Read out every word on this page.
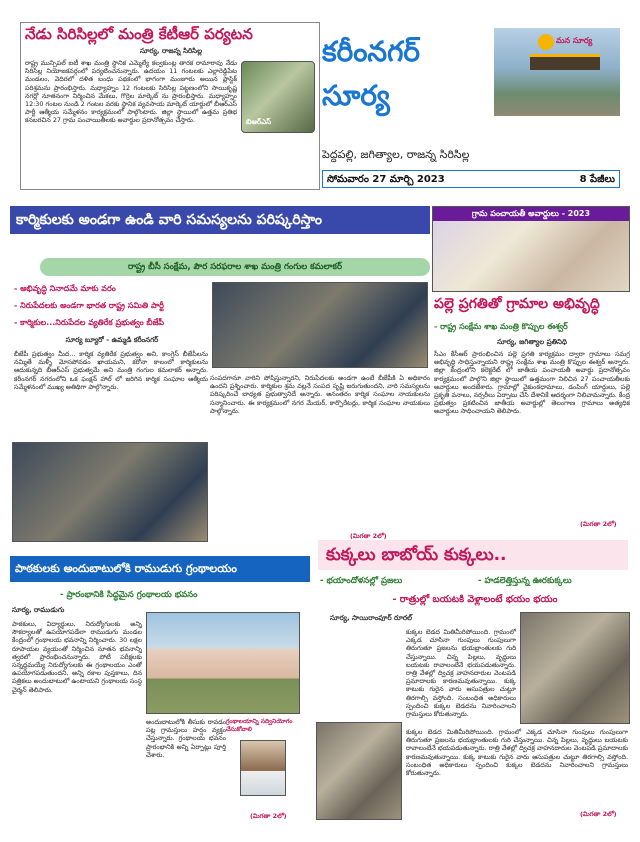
నేడు సిరిసిల్లలో మంత్రి కేటీఆర్ పర్యటన
సూర్య, రాజన్న సిరిసిల్ల
బిఆర్ఎస్
రాష్ట్ర మున్సిపల్ ఐటీ శాఖ మంత్రి స్థానిక ఎమ్మెల్యే కల్వకుంట్ల తారక రామారావు నేడు సిరిసిల్ల నియోజకవర్గంలో పర్యటించనున్నారు. ఉదయం 11 గంటలకు ఎల్లారెడ్డిపేట మండలం, వెదిరలో దళిత బంధు పథకంలో భాగంగా మంజూరు అయిన ప్లాస్టిక్ పరిశ్రమను ప్రారంభిస్తారు. మధ్యాహ్నం 12 గంటలకు సిరిసిల్ల పట్టణంలోని సాయికృష్ణ నగర్లో నూతనంగా నిర్మించిన మేకలు, గొర్రెల మార్కెట్ ను ప్రారంభిస్తారు. మధ్యాహ్నం 12:30 గంటల నుండి 2 గంటల వరకు స్థానిక వ్యవసాయ మార్కెట్ యార్డులో బీఆర్ఎస్ పార్టీ ఆత్మీయ సమ్మేళనం కార్యక్రమంలో పాల్గొంటారు. జిల్లా స్థాయిలో ఉత్తమ ప్రతిభ కనబరచిన 27 గ్రామ పంచాయితీలకు అవార్డుల ప్రదానోత్సవం చేస్తారు.
కరీంనగర్ సూర్య
మన సూర్య
పెద్దపల్లి, జగిత్యాల, రాజన్న సిరిసిల్ల
సోమవారం 27 మార్చి 2023	8 పేజీలు
కార్మికులకు అండగా ఉండి వారి సమస్యలను పరిష్కరిస్తాం
రాష్ట్ర బీసీ సంక్షేమ, పౌర సరఫరాల శాఖ మంత్రి గంగుల కమలాకర్
- అభివృద్ధి నినాదమే మాకు వరం
- నిరుపేదలకు అండగా భారత రాష్ట్ర సమితి పార్టీ
- కార్మికుల...నిరుపేదల వ్యతిరేక ప్రభుత్వం బీజేపీ
సూర్య బ్యూరో - ఉమ్మడి కరీంనగర్
బీజేపీ ప్రభుత్వం మీద... కార్మిక వ్యతిరేక ప్రభుత్వం అని, కాంగ్రెస్ బీజేపీలను నమ్మితే మళ్ళీ మోసపోవడం ఖాయమని, కరోనా కాలంలో కార్మికులను ఆదుకున్నది బీఆర్ఎస్ ప్రభుత్వమే అని మంత్రి గంగుల కమలాకర్ అన్నారు. కరీంనగర్ నగరంలోని ఒక ఫంక్షన్ హాల్ లో జరిగిన కార్మిక సంఘాల ఆత్మీయ సమ్మేళనంలో ముఖ్య అతిథిగా పాల్గొన్నారు.
సంపదగానూ వారిని పోషిస్తున్నారని, నిరుపేదలకు అండగా ఉంటే బీజేపీకి ఏ అధికారం ఉందని ప్రశ్నించారు. కార్మికుల శ్రమ వల్లనే సంపద సృష్టి జరుగుతుందని, వారి సమస్యలను పరిష్కరించే బాధ్యత ప్రభుత్వానిదే అన్నారు. అనంతరం కార్మిక సంఘాల నాయకులను సన్మానించారు. ఈ కార్యక్రమంలో నగర మేయర్, కార్పొరేటర్లు, కార్మిక సంఘాల నాయకులు పాల్గొన్నారు.
(మిగతా 2లో)
గ్రామ పంచాయతీ అవార్డులు - 2023
పల్లె ప్రగతితో గ్రామాల అభివృద్ధి
- రాష్ట్ర సంక్షేమ శాఖ మంత్రి కొప్పుల ఈశ్వర్
సూర్య, జగిత్యాల ప్రతినిధి
సీఎం కేసీఆర్ ప్రారంభించిన పల్లె ప్రగతి కార్యక్రమం ద్వారా గ్రామాలు సమగ్ర అభివృద్ధి సాధిస్తున్నాయని రాష్ట్ర సంక్షేమ శాఖ మంత్రి కొప్పుల ఈశ్వర్ అన్నారు. జిల్లా కేంద్రంలోని కలెక్టరేట్ లో జాతీయ పంచాయతీ అవార్డు ప్రదానోత్సవం కార్యక్రమంలో పాల్గొని జిల్లా స్థాయిలో ఉత్తమంగా నిలిచిన 27 పంచాయతీలకు అవార్డులు అందజేశారు. గ్రామాల్లో వైకుంఠధామాలు, డంపింగ్ యార్డులు, పల్లె ప్రకృతి వనాలు, నర్సరీలు ఏర్పాటు చేసి దేశానికే ఆదర్శంగా నిలిచామన్నారు. కేంద్ర ప్రభుత్వం ప్రకటించిన జాతీయ అవార్డుల్లో తెలంగాణ గ్రామాలు అత్యధిక అవార్డులు సాధించాయని తెలిపారు.
(మిగతా 2లో)
పాఠకులకు అందుబాటులోకి రాముడుగు గ్రంథాలయం
- ప్రారంభానికి సిద్ధమైన గ్రంథాలయ భవనం
సూర్య, రాముడుగు
పాఠకులు, విద్యార్థులు, నిరుద్యోగులకు అన్ని సౌకర్యాలతో ఉపయోగపడేలా రాముడుగు మండల కేంద్రంలో గ్రంథాలయ భవనాన్ని నిర్మించారు. 30 లక్షల రూపాయల వ్యయంతో నిర్మించిన నూతన భవనాన్ని త్వరలో ప్రారంభించనున్నారు. పోటీ పరీక్షలకు సన్నద్ధమయ్యే నిరుద్యోగులకు ఈ గ్రంథాలయం ఎంతో ఉపయోగపడుతుందని, అన్ని రకాల పుస్తకాలు, దిన పత్రికలు అందుబాటులో ఉంటాయని గ్రంథాలయ సంస్థ చైర్మన్ తెలిపారు.
అందుబాటులోకి తీసుకు రావడం పట్ల గ్రామస్తులు హర్షం వ్యక్తం చేస్తున్నారు. గ్రంథాలయ భవనం ప్రారంభానికి అన్ని ఏర్పాట్లు పూర్తి చేశారు.
గ్రంథాలయాన్ని సద్వినియోగం చేసుకోవాలి
(మిగతా 2లో)
కుక్కలు బాబోయ్ కుక్కలు..
- భయాందోళనల్లో ప్రజలు	- హడలెత్తిస్తున్న ఊరకుక్కలు
- రాత్రుల్లో బయటకి వెళ్లాలంటే భయం భయం
సూర్య, సాయిరాంపూర్ రూరల్
కుక్కల బెడద మితిమీరిపోయింది. గ్రామంలో ఎక్కడ చూసినా గుంపులు గుంపులుగా తిరుగుతూ ప్రజలను భయభ్రాంతులకు గురి చేస్తున్నాయి. చిన్న పిల్లలు, వృద్ధులు బయటకు రావాలంటేనే భయపడుతున్నారు. రాత్రి వేళల్లో ద్విచక్ర వాహనదారుల వెంటపడి ప్రమాదాలకు కారణమవుతున్నాయి. కుక్క కాటుకు గురైన వారు ఆసుపత్రుల చుట్టూ తిరగాల్సి వస్తోంది. సంబంధిత అధికారులు స్పందించి కుక్కల బెడదను నివారించాలని గ్రామస్తులు కోరుతున్నారు.
కుక్కల బెడద మితిమీరిపోయింది. గ్రామంలో ఎక్కడ చూసినా గుంపులు గుంపులుగా తిరుగుతూ ప్రజలను భయభ్రాంతులకు గురి చేస్తున్నాయి. చిన్న పిల్లలు, వృద్ధులు బయటకు రావాలంటేనే భయపడుతున్నారు. రాత్రి వేళల్లో ద్విచక్ర వాహనదారుల వెంటపడి ప్రమాదాలకు కారణమవుతున్నాయి. కుక్క కాటుకు గురైన వారు ఆసుపత్రుల చుట్టూ తిరగాల్సి వస్తోంది. సంబంధిత అధికారులు స్పందించి కుక్కల బెడదను నివారించాలని గ్రామస్తులు కోరుతున్నారు.
(మిగతా 2లో)
